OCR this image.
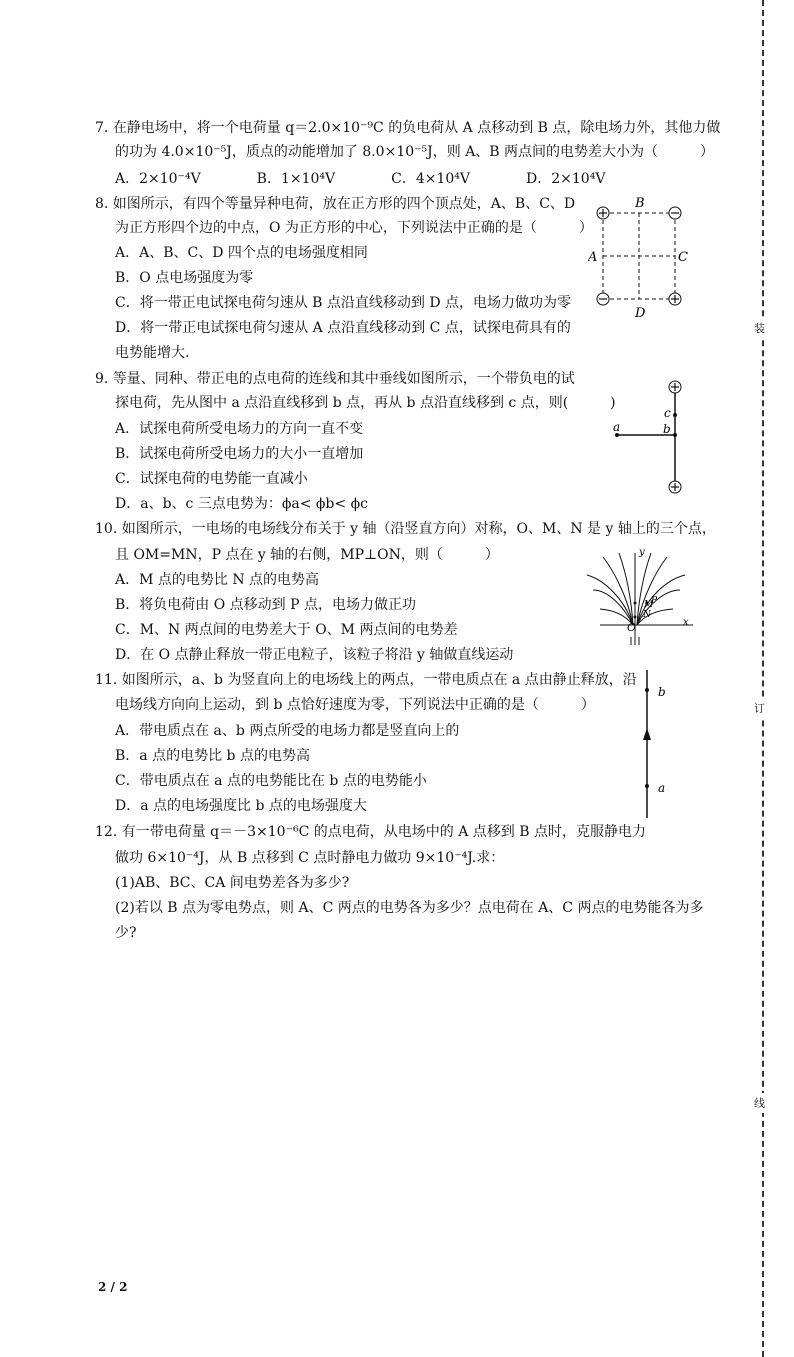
装
订
线
7. 在静电场中，将一个电荷量 q＝2.0×10⁻⁹C 的负电荷从 A 点移动到 B 点，除电场力外，其他力做
的功为 4.0×10⁻⁵J，质点的动能增加了 8.0×10⁻⁵J，则 A、B 两点间的电势差大小为（　　　）
A．2×10⁻⁴V　　　　B．1×10⁴V　　　　C．4×10⁴V　　　　D．2×10⁴V
8. 如图所示，有四个等量异种电荷，放在正方形的四个顶点处，A、B、C、D
为正方形四个边的中点，O 为正方形的中心，下列说法中正确的是（　　　）
A．A、B、C、D 四个点的电场强度相同
B．O 点电场强度为零
C．将一带正电试探电荷匀速从 B 点沿直线移动到 D 点，电场力做功为零
D．将一带正电试探电荷匀速从 A 点沿直线移动到 C 点，试探电荷具有的
电势能增大.
B
A	C
D
9. 等量、同种、带正电的点电荷的连线和其中垂线如图所示，一个带负电的试
探电荷，先从图中 a 点沿直线移到 b 点，再从 b 点沿直线移到 c 点，则(　　　)
A．试探电荷所受电场力的方向一直不变
B．试探电荷所受电场力的大小一直增加
C．试探电荷的电势能一直减小
D．a、b、c 三点电势为：ϕa< ϕb< ϕc
a	b
c
10. 如图所示，一电场的电场线分布关于 y 轴（沿竖直方向）对称，O、M、N 是 y 轴上的三个点，
且 OM=MN，P 点在 y 轴的右侧，MP⊥ON，则（　　　）
A．M 点的电势比 N 点的电势高
B．将负电荷由 O 点移动到 P 点，电场力做正功
C．M、N 两点间的电势差大于 O、M 两点间的电势差
D．在 O 点静止释放一带正电粒子，该粒子将沿 y 轴做直线运动
y
x
O
M
N
P
11. 如图所示，a、b 为竖直向上的电场线上的两点，一带电质点在 a 点由静止释放，沿
电场线方向向上运动，到 b 点恰好速度为零，下列说法中正确的是（　　　）
A．带电质点在 a、b 两点所受的电场力都是竖直向上的
B．a 点的电势比 b 点的电势高
C．带电质点在 a 点的电势能比在 b 点的电势能小
D．a 点的电场强度比 b 点的电场强度大
b
a
12. 有一带电荷量 q＝－3×10⁻⁶C 的点电荷，从电场中的 A 点移到 B 点时，克服静电力
做功 6×10⁻⁴J，从 B 点移到 C 点时静电力做功 9×10⁻⁴J.求：
(1)AB、BC、CA 间电势差各为多少?
(2)若以 B 点为零电势点，则 A、C 两点的电势各为多少？点电荷在 A、C 两点的电势能各为多
少?
2 / 2
